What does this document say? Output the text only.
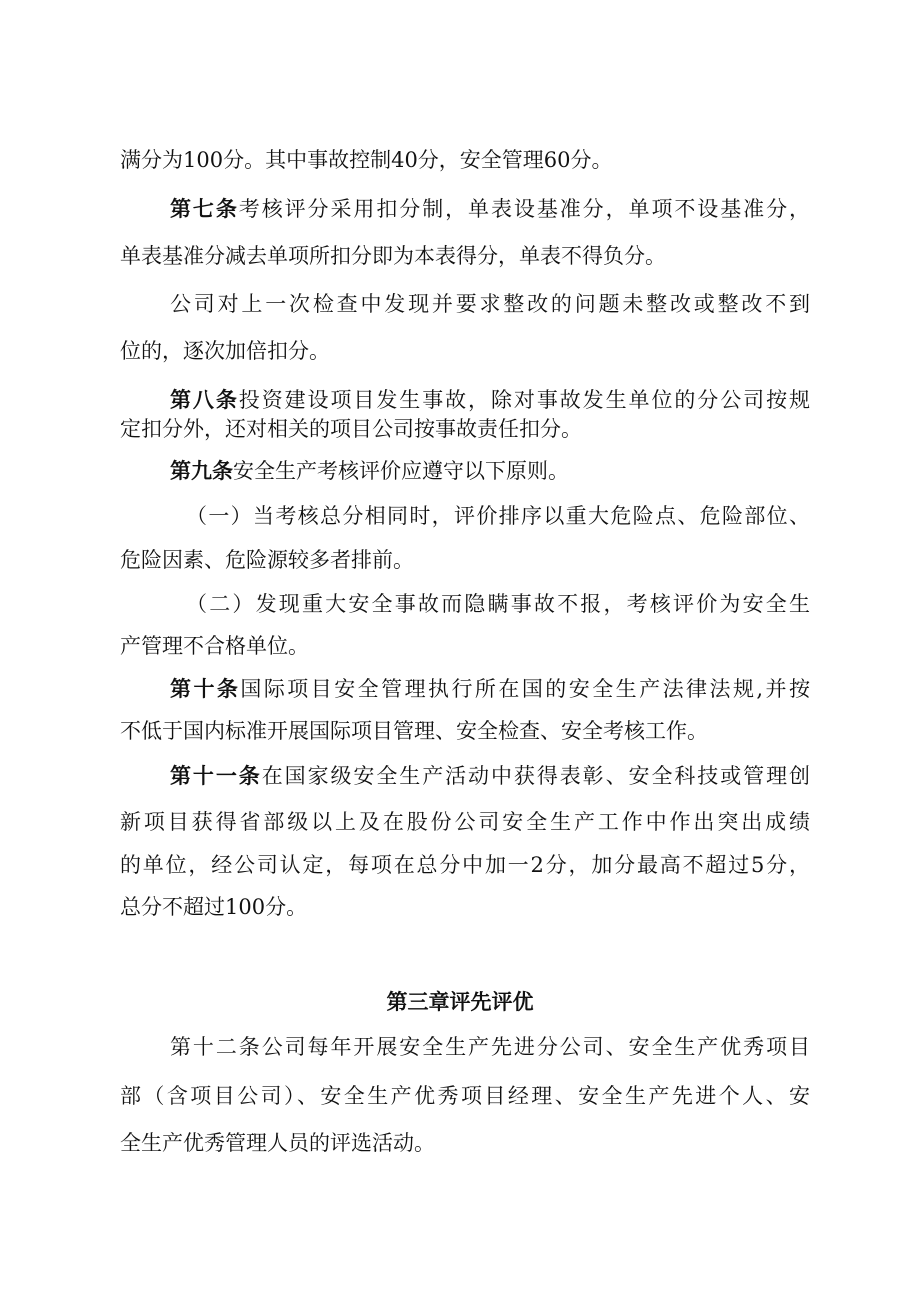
满分为100分。其中事故控制40分，安全管理60分。
第七条考核评分采用扣分制，单表设基准分，单项不设基准分，
单表基准分减去单项所扣分即为本表得分，单表不得负分。
公司对上一次检查中发现并要求整改的问题未整改或整改不到
位的，逐次加倍扣分。
第八条投资建设项目发生事故，除对事故发生单位的分公司按规
定扣分外，还对相关的项目公司按事故责任扣分。
第九条安全生产考核评价应遵守以下原则。
（一）当考核总分相同时，评价排序以重大危险点、危险部位、
危险因素、危险源较多者排前。
（二）发现重大安全事故而隐瞒事故不报，考核评价为安全生
产管理不合格单位。
第十条国际项目安全管理执行所在国的安全生产法律法规,并按
不低于国内标准开展国际项目管理、安全检查、安全考核工作。
第十一条在国家级安全生产活动中获得表彰、安全科技或管理创
新项目获得省部级以上及在股份公司安全生产工作中作出突出成绩
的单位，经公司认定，每项在总分中加一2分，加分最高不超过5分，
总分不超过100分。
第三章评先评优
第十二条公司每年开展安全生产先进分公司、安全生产优秀项目
部（含项目公司）、安全生产优秀项目经理、安全生产先进个人、安
全生产优秀管理人员的评选活动。
